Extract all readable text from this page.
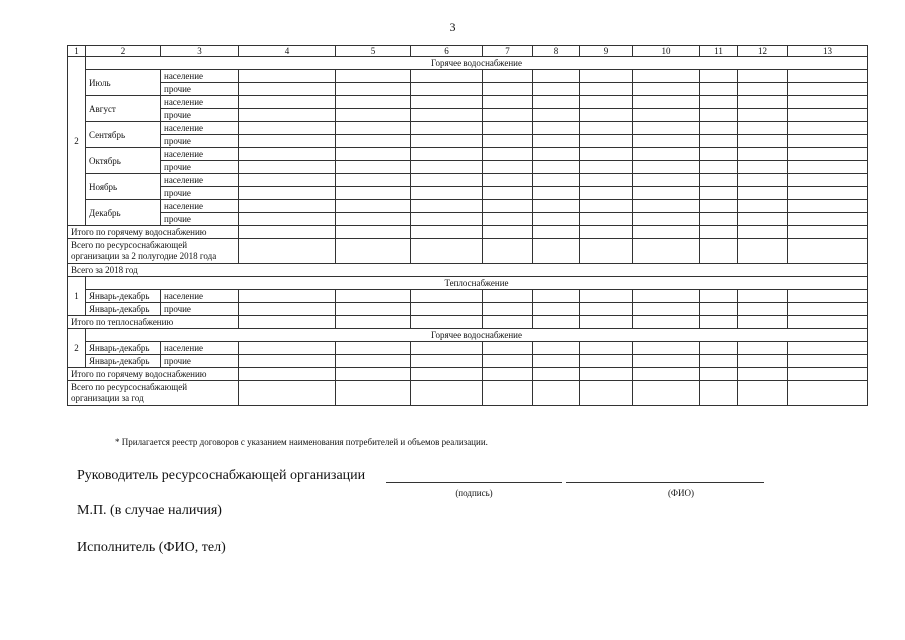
3
1	2	3	4	5	6	7	8	9	10	11	12	13
2	Горячее водоснабжение											
	Июль	население										
		прочие										
	Август	население										
		прочие										
	Сентябрь	население										
		прочие										
	Октябрь	население										
		прочие										
	Ноябрь	население										
		прочие										
	Декабрь	население										
		прочие										
Итого по горячему водоснабжению												
Всего по ресурсоснабжающей организации за 2 полугодие 2018 года												
Всего за 2018 год												
1	Теплоснабжение											
	Январь-декабрь	население										
	Январь-декабрь	прочие										
Итого по теплоснабжению												
2	Горячее водоснабжение											
	Январь-декабрь	население										
	Январь-декабрь	прочие										
Итого по горячему водоснабжению												
Всего по ресурсоснабжающей организации за год												
* Прилагается реестр договоров с указанием наименования потребителей и объемов реализации.
Руководитель ресурсоснабжающей организации
(подпись)	(ФИО)
М.П. (в случае наличия)
Исполнитель (ФИО, тел)
